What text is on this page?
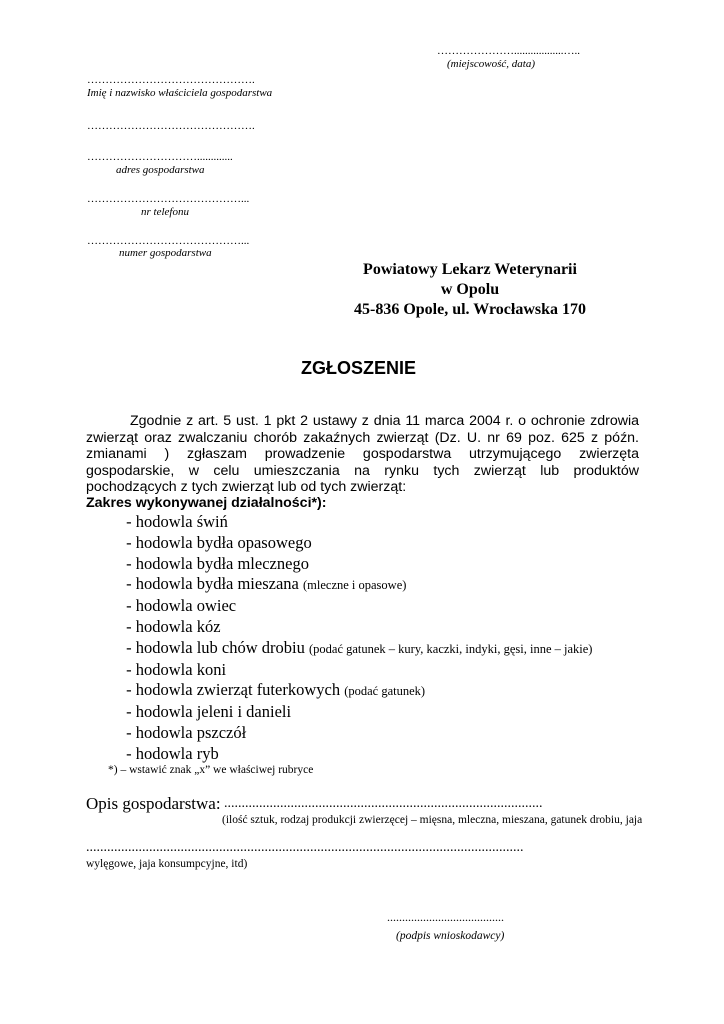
…………………..................…..
(miejscowość, data)
……………………………………….
Imię i nazwisko właściciela gospodarstwa
……………………………………….
………………………….............
adres gospodarstwa
……………………………………...
nr telefonu
……………………………………...
numer gospodarstwa
Powiatowy Lekarz Weterynarii
w Opolu
45-836 Opole, ul. Wrocławska 170
ZGŁOSZENIE
Zgodnie z art. 5 ust. 1 pkt 2 ustawy z dnia 11 marca 2004 r. o ochronie zdrowia zwierząt oraz zwalczaniu chorób zakaźnych zwierząt (Dz. U. nr 69 poz. 625 z późn. zmianami ) zgłaszam prowadzenie gospodarstwa utrzymującego zwierzęta gospodarskie, w celu umieszczania na rynku tych zwierząt lub produktów pochodzących z tych zwierząt lub od tych zwierząt:
Zakres wykonywanej działalności*):
- hodowla świń
- hodowla bydła opasowego
- hodowla bydła mlecznego
- hodowla bydła mieszana (mleczne i opasowe)
- hodowla owiec
- hodowla kóz
- hodowla lub chów drobiu (podać gatunek – kury, kaczki, indyki, gęsi, inne – jakie)
- hodowla koni
- hodowla zwierząt futerkowych (podać gatunek)
- hodowla jeleni i danieli
- hodowla pszczół
- hodowla ryb
*) – wstawić znak „x” we właściwej rubryce
Opis gospodarstwa: ...........................................................................................
(ilość sztuk, rodzaj produkcji zwierzęcej – mięsna, mleczna, mieszana, gatunek drobiu, jaja
.............................................................................................................................
wylęgowe, jaja konsumpcyjne, itd)
.......................................
(podpis wnioskodawcy)
